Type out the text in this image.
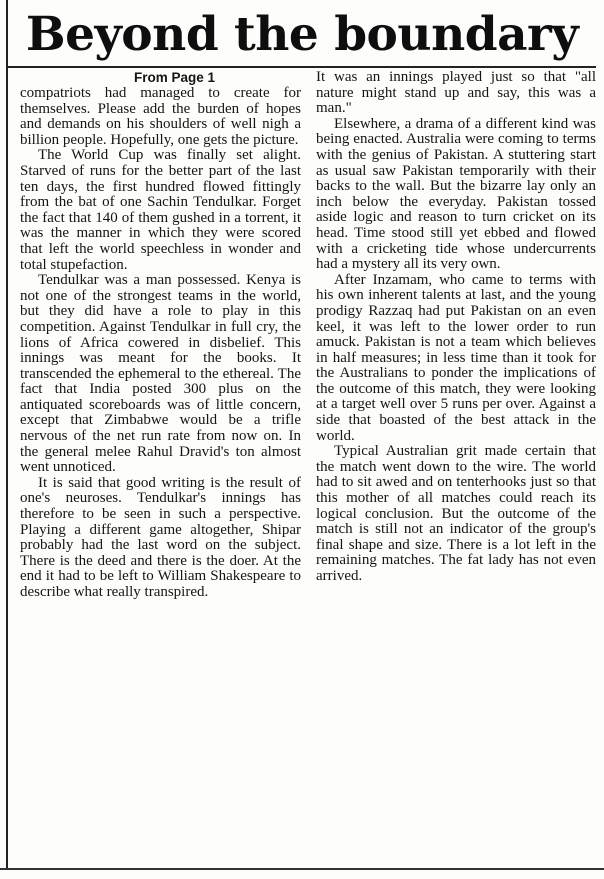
Beyond the boundary

From Page 1

compatriots had managed to create for themselves. Please add the burden of hopes and demands on his shoulders of well nigh a billion people. Hopefully, one gets the picture.

The World Cup was finally set alight. Starved of runs for the better part of the last ten days, the first hundred flowed fittingly from the bat of one Sachin Tendulkar. Forget the fact that 140 of them gushed in a torrent, it was the manner in which they were scored that left the world speechless in wonder and total stupefaction.

Tendulkar was a man possessed. Kenya is not one of the strongest teams in the world, but they did have a role to play in this competition. Against Tendulkar in full cry, the lions of Africa cowered in disbelief. This innings was meant for the books. It transcended the ephemeral to the ethereal. The fact that India posted 300 plus on the antiquated scoreboards was of little concern, except that Zimbabwe would be a trifle nervous of the net run rate from now on. In the general melee Rahul Dravid's ton almost went unnoticed.

It is said that good writing is the result of one's neuroses. Tendulkar's innings has therefore to be seen in such a perspective. Playing a different game altogether, Shipar probably had the last word on the subject. There is the deed and there is the doer. At the end it had to be left to William Shakespeare to describe what really transpired.

It was an innings played just so that "all nature might stand up and say, this was a man."

Elsewhere, a drama of a different kind was being enacted. Australia were coming to terms with the genius of Pakistan. A stuttering start as usual saw Pakistan temporarily with their backs to the wall. But the bizarre lay only an inch below the everyday. Pakistan tossed aside logic and reason to turn cricket on its head. Time stood still yet ebbed and flowed with a cricketing tide whose undercurrents had a mystery all its very own.

After Inzamam, who came to terms with his own inherent talents at last, and the young prodigy Razzaq had put Pakistan on an even keel, it was left to the lower order to run amuck. Pakistan is not a team which believes in half measures; in less time than it took for the Australians to ponder the implications of the outcome of this match, they were looking at a target well over 5 runs per over. Against a side that boasted of the best attack in the world.

Typical Australian grit made certain that the match went down to the wire. The world had to sit awed and on tenterhooks just so that this mother of all matches could reach its logical conclusion. But the outcome of the match is still not an indicator of the group's final shape and size. There is a lot left in the remaining matches. The fat lady has not even arrived.
